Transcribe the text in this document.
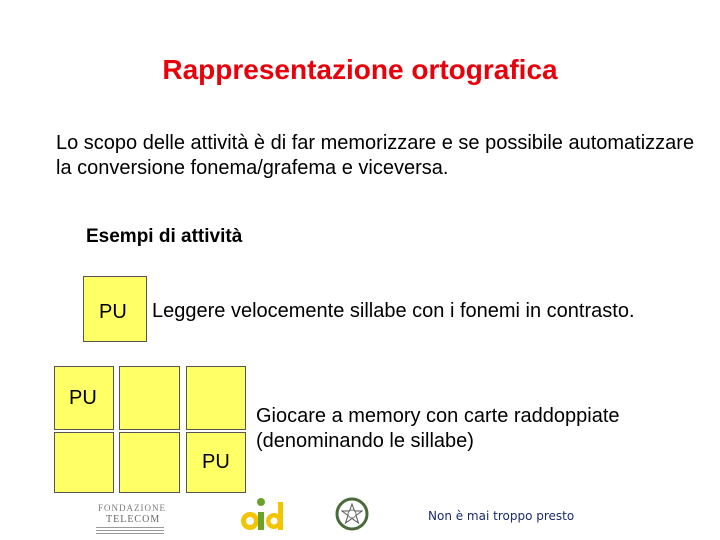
Rappresentazione ortografica
Lo scopo delle attività è di far memorizzare e se possibile automatizzare la conversione fonema/grafema e viceversa.
Esempi di attività
PU Leggere velocemente sillabe con i fonemi in contrasto.
PU
PU
Giocare a memory con carte raddoppiate (denominando le sillabe)
FONDAZIONE
TELECOM	Non è mai troppo presto
